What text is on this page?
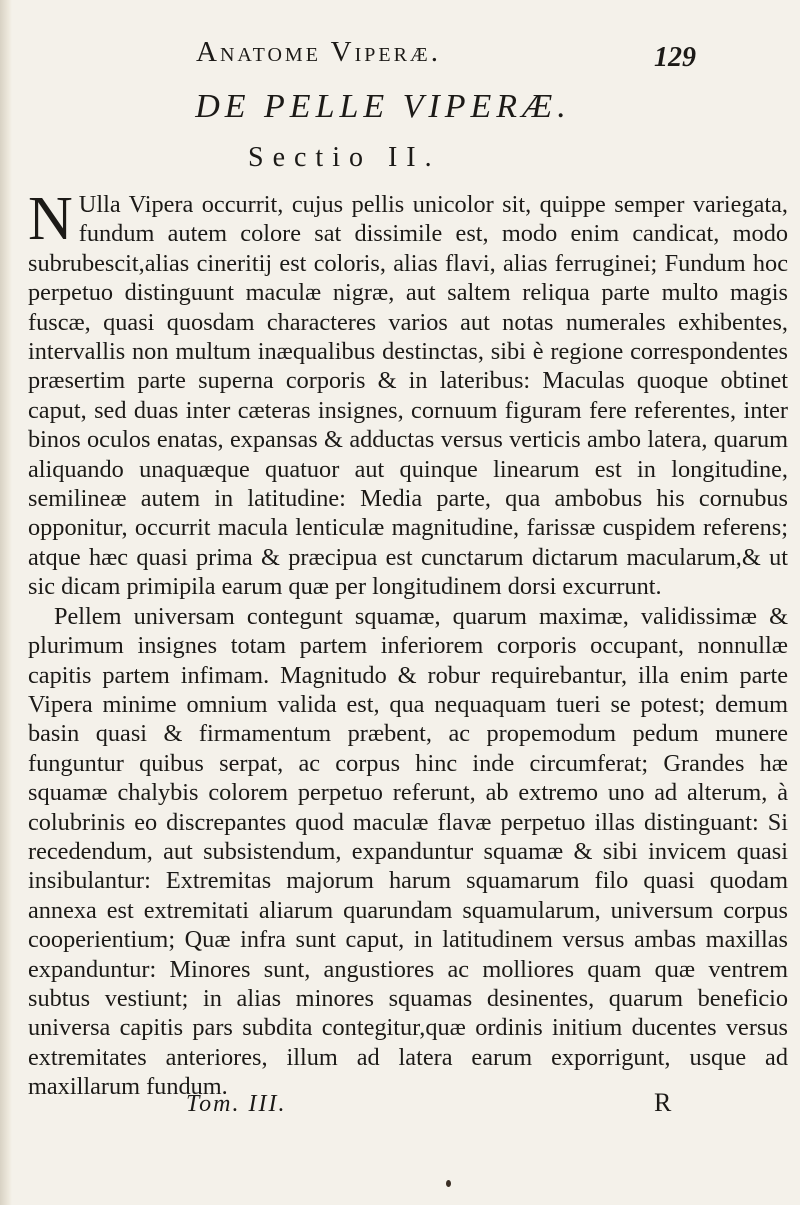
Anatome Viperæ.	129
DE PELLE VIPERÆ.
Sectio II.

N Ulla Vipera occurrit, cujus pellis unicolor sit, quippe semper variegata, fundum autem colore sat dissimile est, modo enim candicat, modo subrubescit,alias cineritij est coloris, alias flavi, alias ferruginei; Fundum hoc perpetuo distinguunt maculæ nigræ, aut saltem reliqua parte multo magis fuscæ, quasi quosdam characteres varios aut notas numerales exhibentes, intervallis non multum inæqualibus destinctas, sibi è regione correspondentes præsertim parte superna corporis & in lateribus: Maculas quoque obtinet caput, sed duas inter cæteras insignes, cornuum figuram fere referentes, inter binos oculos enatas, expansas & adductas versus verticis ambo latera, quarum aliquando unaquæque quatuor aut quinque linearum est in longitudine, semilineæ autem in latitudine: Media parte, qua ambobus his cornubus opponitur, occurrit macula lenticulæ magnitudine, farissæ cuspidem referens; atque hæc quasi prima & præcipua est cunctarum dictarum macularum,& ut sic dicam primipila earum quæ per longitudinem dorsi excurrunt.

Pellem universam contegunt squamæ, quarum maximæ, validissimæ & plurimum insignes totam partem inferiorem corporis occupant, nonnullæ capitis partem infimam. Magnitudo & robur requirebantur, illa enim parte Vipera minime omnium valida est, qua nequaquam tueri se potest; demum basin quasi & firmamentum præbent, ac propemodum pedum munere funguntur quibus serpat, ac corpus hinc inde circumferat; Grandes hæ squamæ chalybis colorem perpetuo referunt, ab extremo uno ad alterum, à colubrinis eo discrepantes quod maculæ flavæ perpetuo illas distinguant: Si recedendum, aut subsistendum, expanduntur squamæ & sibi invicem quasi insibulantur: Extremitas majorum harum squamarum filo quasi quodam annexa est extremitati aliarum quarundam squamularum, universum corpus cooperientium; Quæ infra sunt caput, in latitudinem versus ambas maxillas expanduntur: Minores sunt, angustiores ac molliores quam quæ ventrem subtus vestiunt; in alias minores squamas desinentes, quarum beneficio universa capitis pars subdita contegitur,quæ ordinis initium ducentes versus extremitates anteriores, illum ad latera earum exporrigunt, usque ad maxillarum fundum.

Tom. III.	R
